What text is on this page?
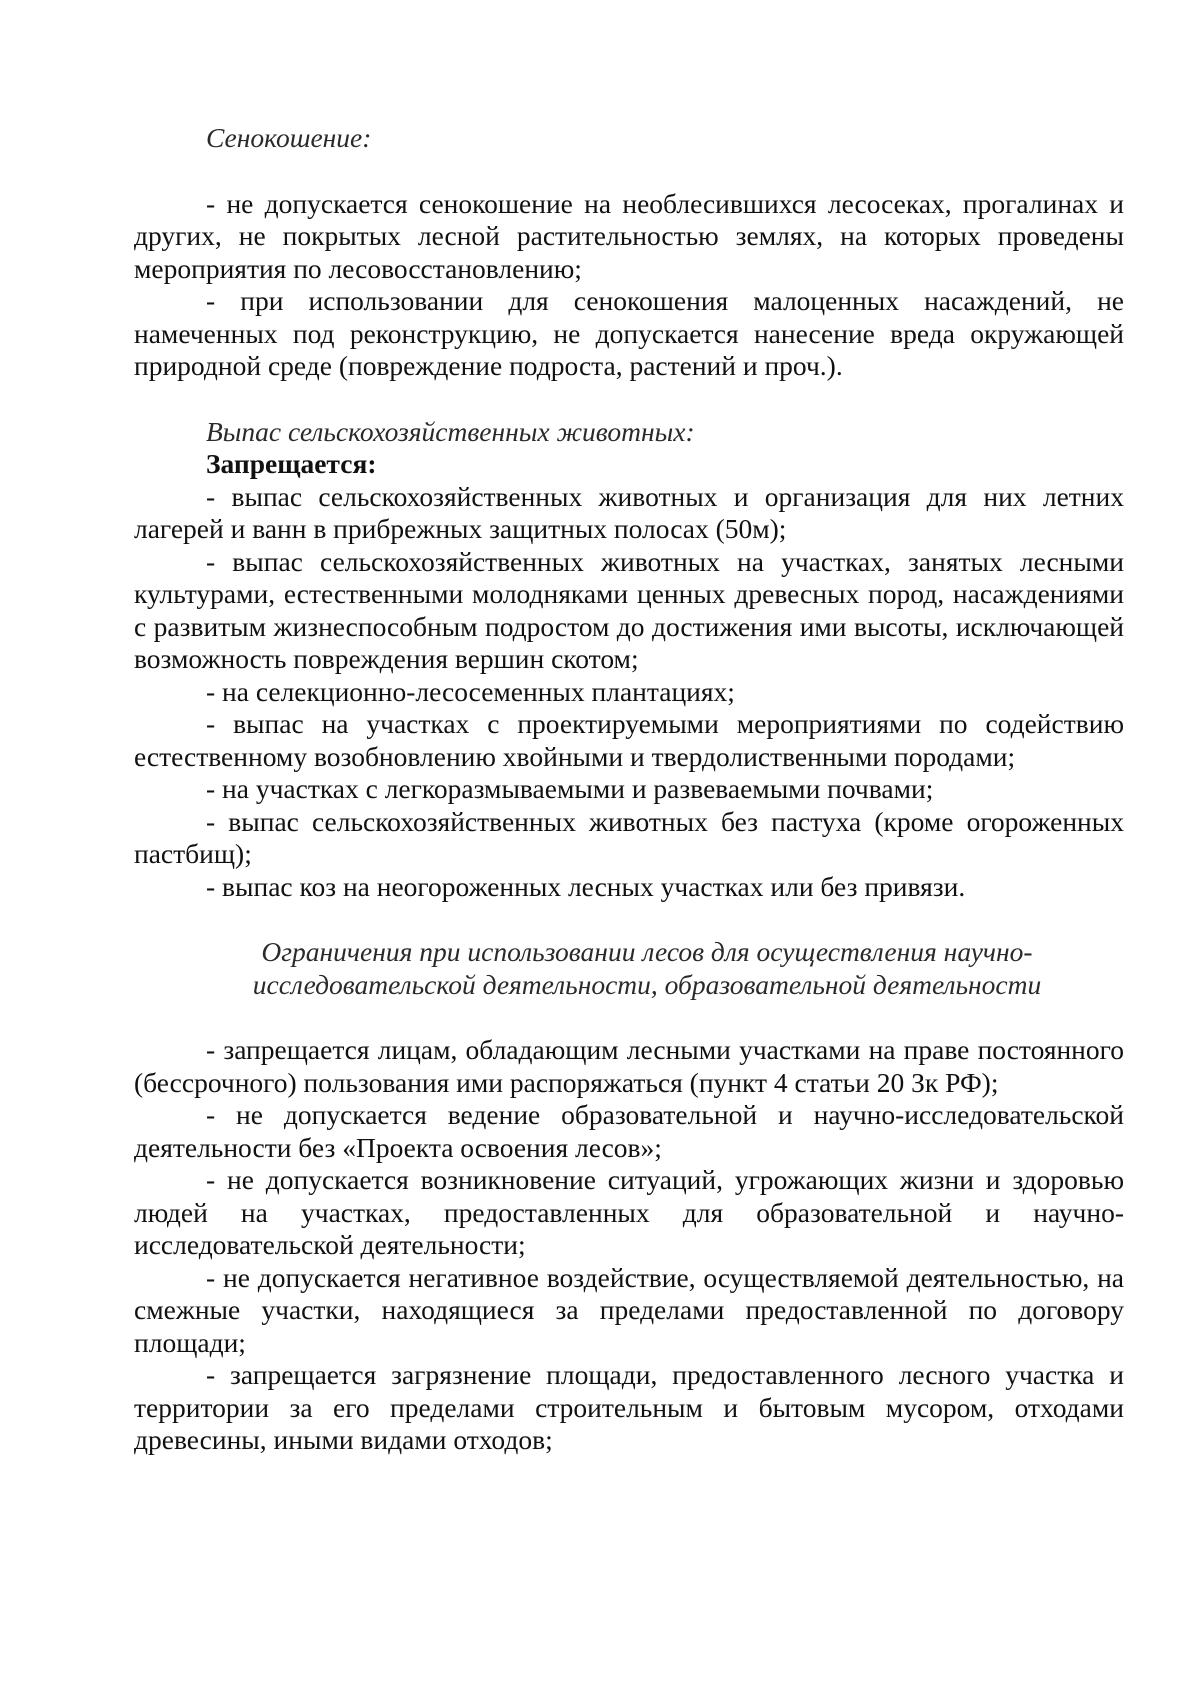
Сенокошение:

- не допускается сенокошение на необлесившихся лесосеках, прогалинах и других, не покрытых лесной растительностью землях, на которых проведены мероприятия по лесовосстановлению;

- при использовании для сенокошения малоценных насаждений, не намеченных под реконструкцию, не допускается нанесение вреда окружающей природной среде (повреждение подроста, растений и проч.).

Выпас сельскохозяйственных животных:

Запрещается:

- выпас сельскохозяйственных животных и организация для них летних лагерей и ванн в прибрежных защитных полосах (50м);

- выпас сельскохозяйственных животных на участках, занятых лесными культурами, естественными молодняками ценных древесных пород, насаждениями с развитым жизнеспособным подростом до достижения ими высоты, исключающей возможность повреждения вершин скотом;

- на селекционно-лесосеменных плантациях;

- выпас на участках с проектируемыми мероприятиями по содействию естественному возобновлению хвойными и твердолиственными породами;

- на участках с легкоразмываемыми и развеваемыми почвами;

- выпас сельскохозяйственных животных без пастуха (кроме огороженных пастбищ);

- выпас коз на неогороженных лесных участках или без привязи.

Ограничения при использовании лесов для осуществления научно-

исследовательской деятельности, образовательной деятельности

- запрещается лицам, обладающим лесными участками на праве постоянного (бессрочного) пользования ими распоряжаться (пункт 4 статьи 20 Зк РФ);

- не допускается ведение образовательной и научно-исследовательской деятельности без «Проекта освоения лесов»;

- не допускается возникновение ситуаций, угрожающих жизни и здоровью людей на участках, предоставленных для образовательной и научно-исследовательской деятельности;

- не допускается негативное воздействие, осуществляемой деятельностью, на смежные участки, находящиеся за пределами предоставленной по договору площади;

- запрещается загрязнение площади, предоставленного лесного участка и территории за его пределами строительным и бытовым мусором, отходами древесины, иными видами отходов;
